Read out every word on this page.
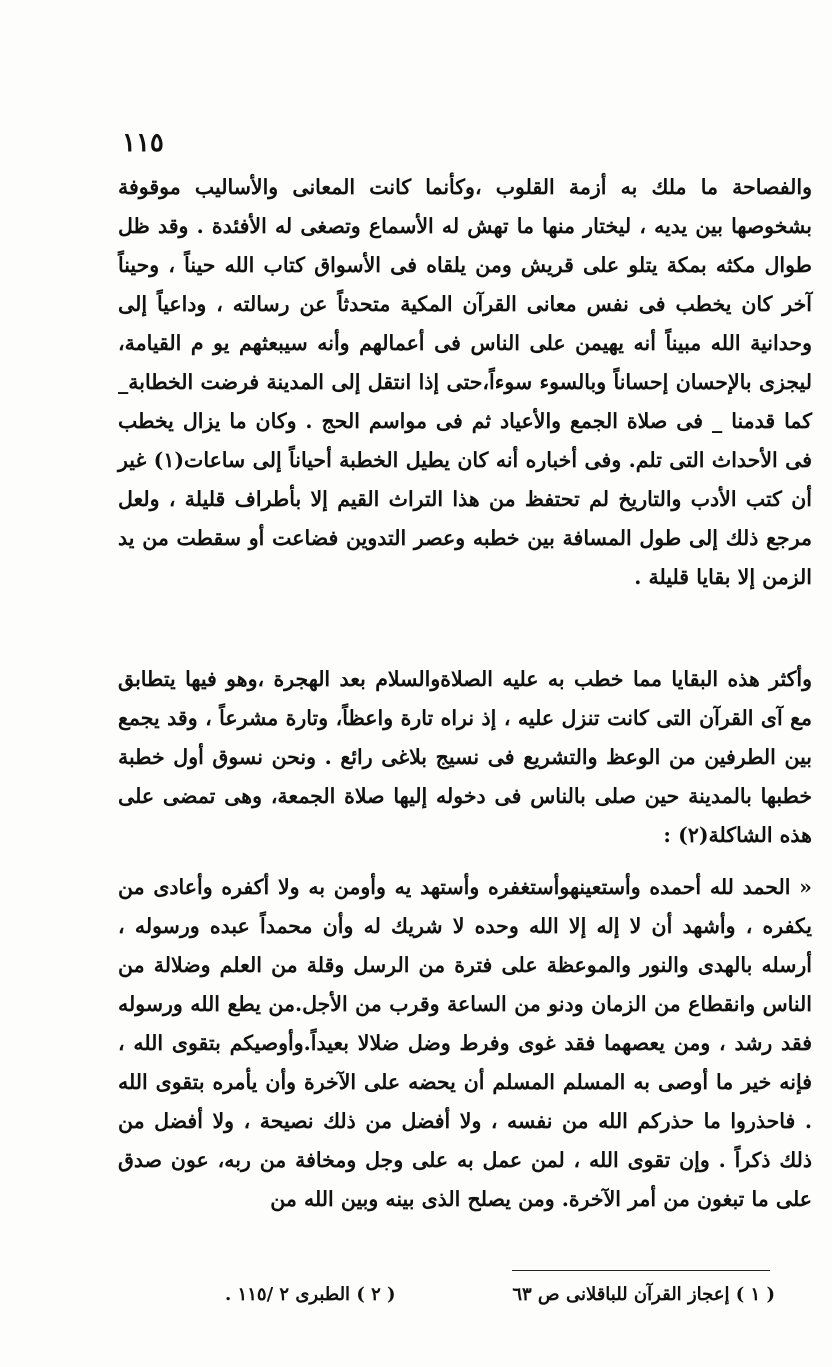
١١٥

والفصاحة ما ملك به أزمة القلوب ،وكأنما كانت المعانى والأساليب موقوفة بشخوصها بين يديه ، ليختار منها ما تهش له الأسماع وتصغى له الأفئدة . وقد ظل طوال مكثه بمكة يتلو على قريش ومن يلقاه فى الأسواق كتاب الله حيناً ، وحيناً آخر كان يخطب فى نفس معانى القرآن المكية متحدثاً عن رسالته ، وداعياً إلى وحدانية الله مبيناً أنه يهيمن على الناس فى أعمالهم وأنه سيبعثهم يو م القيامة، ليجزى بالإحسان إحساناً وبالسوء سوءاً،حتى إذا انتقل إلى المدينة فرضت الخطابة_ كما قدمنا _ فى صلاة الجمع والأعياد ثم فى مواسم الحج . وكان ما يزال يخطب فى الأحداث التى تلم. وفى أخباره أنه كان يطيل الخطبة أحياناً إلى ساعات(١) غير أن كتب الأدب والتاريخ لم تحتفظ من هذا التراث القيم إلا بأطراف قليلة ، ولعل مرجع ذلك إلى طول المسافة بين خطبه وعصر التدوين فضاعت أو سقطت من يد الزمن إلا بقايا قليلة .

وأكثر هذه البقايا مما خطب به عليه الصلاةوالسلام بعد الهجرة ،وهو فيها يتطابق مع آى القرآن التى كانت تنزل عليه ، إذ نراه تارة واعظاً، وتارة مشرعاً ، وقد يجمع بين الطرفين من الوعظ والتشريع فى نسيج بلاغى رائع . ونحن نسوق أول خطبة خطبها بالمدينة حين صلى بالناس فى دخوله إليها صلاة الجمعة، وهى تمضى على هذه الشاكلة(٢) :

« الحمد لله أحمده وأستعينهوأستغفره وأستهد يه وأومن به ولا أكفره وأعادى من يكفره ، وأشهد أن لا إله إلا الله وحده لا شريك له وأن محمداً عبده ورسوله ، أرسله بالهدى والنور والموعظة على فترة من الرسل وقلة من العلم وضلالة من الناس وانقطاع من الزمان ودنو من الساعة وقرب من الأجل.من يطع الله ورسوله فقد رشد ، ومن يعصهما فقد غوى وفرط وضل ضلالا بعيداً.وأوصيكم بتقوى الله ، فإنه خير ما أوصى به المسلم المسلم أن يحضه على الآخرة وأن يأمره بتقوى الله . فاحذروا ما حذركم الله من نفسه ، ولا أفضل من ذلك نصيحة ، ولا أفضل من ذلك ذكراً . وإن تقوى الله ، لمن عمل به على وجل ومخافة من ربه، عون صدق على ما تبغون من أمر الآخرة. ومن يصلح الذى بينه وبين الله من

( ١ ) إعجاز القرآن للباقلانى ص ٦٣
( ٢ ) الطبرى ٢ /١١٥ .
